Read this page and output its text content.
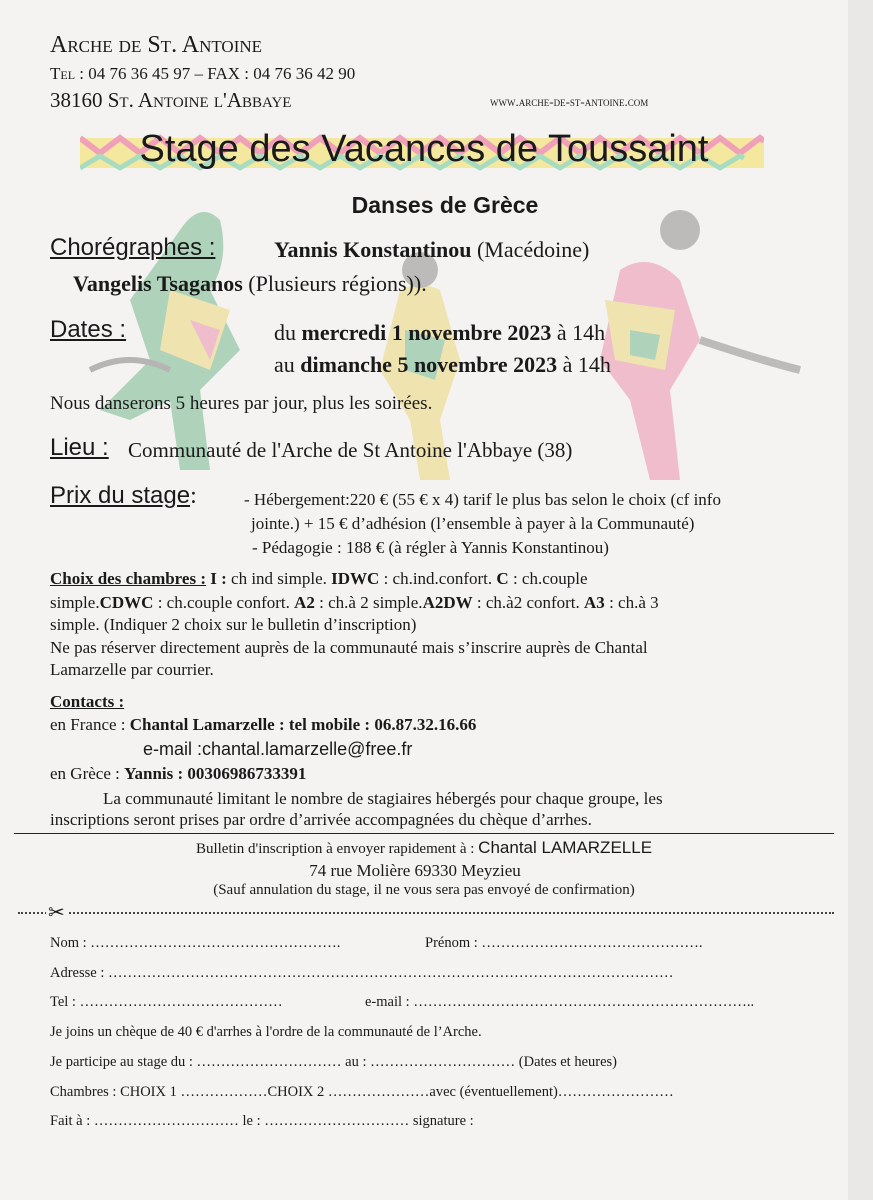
Arche de St. Antoine
Tel : 04 76 36 45 97 – FAX : 04 76 36 42 90
38160 St. Antoine l'Abbaye	www.arche-de-st-antoine.com
Stage des Vacances de Toussaint
Danses de Grèce
Chorégraphes :	Yannis Konstantinou (Macédoine)
Vangelis Tsaganos (Plusieurs régions)).
Dates :	du mercredi 1 novembre 2023 à 14h
au dimanche 5 novembre 2023 à 14h
Nous danserons 5 heures par jour, plus les soirées.
Lieu : Communauté de l'Arche de St Antoine l'Abbaye (38)
Prix du stage:	- Hébergement:220 € (55 € x 4) tarif le plus bas selon le choix (cf info
jointe.) + 15 € d’adhésion (l’ensemble à payer à la Communauté)
- Pédagogie : 188 € (à régler à Yannis Konstantinou)
Choix des chambres : I : ch ind simple. IDWC : ch.ind.confort. C : ch.couple
simple.CDWC : ch.couple confort. A2 : ch.à 2 simple.A2DW : ch.à2 confort. A3 : ch.à 3
simple. (Indiquer 2 choix sur le bulletin d’inscription)
Ne pas réserver directement auprès de la communauté mais s’inscrire auprès de Chantal
Lamarzelle par courrier.
Contacts :
en France : Chantal Lamarzelle : tel mobile : 06.87.32.16.66
e-mail :chantal.lamarzelle@free.fr
en Grèce : Yannis : 00306986733391
La communauté limitant le nombre de stagiaires hébergés pour chaque groupe, les
inscriptions seront prises par ordre d’arrivée accompagnées du chèque d’arrhes.
Bulletin d'inscription à envoyer rapidement à : Chantal LAMARZELLE
74 rue Molière 69330 Meyzieu
(Sauf annulation du stage, il ne vous sera pas envoyé de confirmation)
✂
Nom : …………………………………………….	Prénom : ……………………………………….
Adresse : ………………………………………………………………………………………………………
Tel : ……………………………………	e-mail : ……………………………………………………………..
Je joins un chèque de 40 € d'arrhes à l'ordre de la communauté de l’Arche.
Je participe au stage du : ………………………… au : ………………………… (Dates et heures)
Chambres : CHOIX 1 ………………CHOIX 2 …………………avec (éventuellement)……………………
Fait à : ………………………… le : ………………………… signature :
